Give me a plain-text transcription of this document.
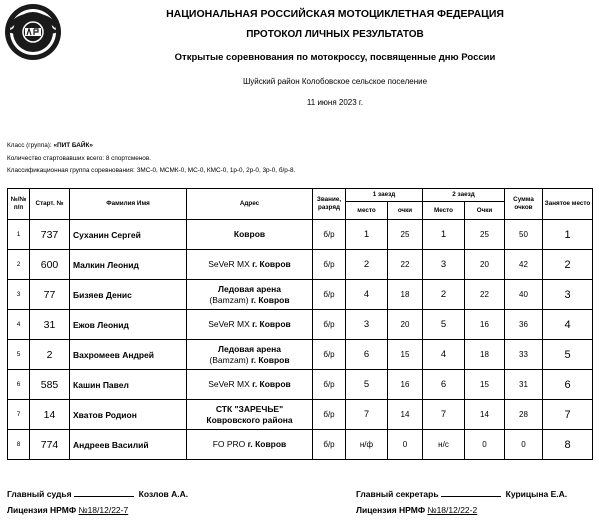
НАЦИОНАЛЬНАЯ РОССИЙСКАЯ МОТОЦИКЛЕТНАЯ ФЕДЕРАЦИЯ
ПРОТОКОЛ ЛИЧНЫХ РЕЗУЛЬТАТОВ
Открытые соревнования по мотокроссу, посвященные дню России
Шуйский район Колобовское сельское поселение
11 июня 2023 г.
Класс (группа): «ПИТ БАЙК»
Количество стартовавших всего: 8 спортсменов.
Классификационная группа соревнования: ЗМС-0, МСМК-0, МС-0, КМС-0, 1р-0, 2р-0, 3р-0, б/р-8.
№/№ п/п	Старт. №	Фамилия Имя	Адрес	Звание, разряд	1 заезд		2 заезд		Сумма очков	Занятое место
					место	очки	Место	Очки		
1	737	Суханин Сергей	Ковров	б/р	1	25	1	25	50	1
2	600	Малкин Леонид	SeVeR MX г. Ковров	б/р	2	22	3	20	42	2
3	77	Бизяев Денис	Ледовая арена
(Bamzam) г. Ковров	б/р	4	18	2	22	40	3
4	31	Ежов Леонид	SeVeR MX г. Ковров	б/р	3	20	5	16	36	4
5	2	Вахромеев Андрей	Ледовая арена
(Bamzam) г. Ковров	б/р	6	15	4	18	33	5
6	585	Кашин Павел	SeVeR MX г. Ковров	б/р	5	16	6	15	31	6
7	14	Хватов Родион	СТК "ЗАРЕЧЬЕ"
Ковровского района	б/р	7	14	7	14	28	7
8	774	Андреев Василий	FO PRO г. Ковров	б/р	н/ф	0	н/с	0	0	8
Главный судья	Козлов А.А.
Лицензия НРМФ №18/12/22-7
Главный секретарь	Курицына Е.А.
Лицензия НРМФ №18/12/22-2
